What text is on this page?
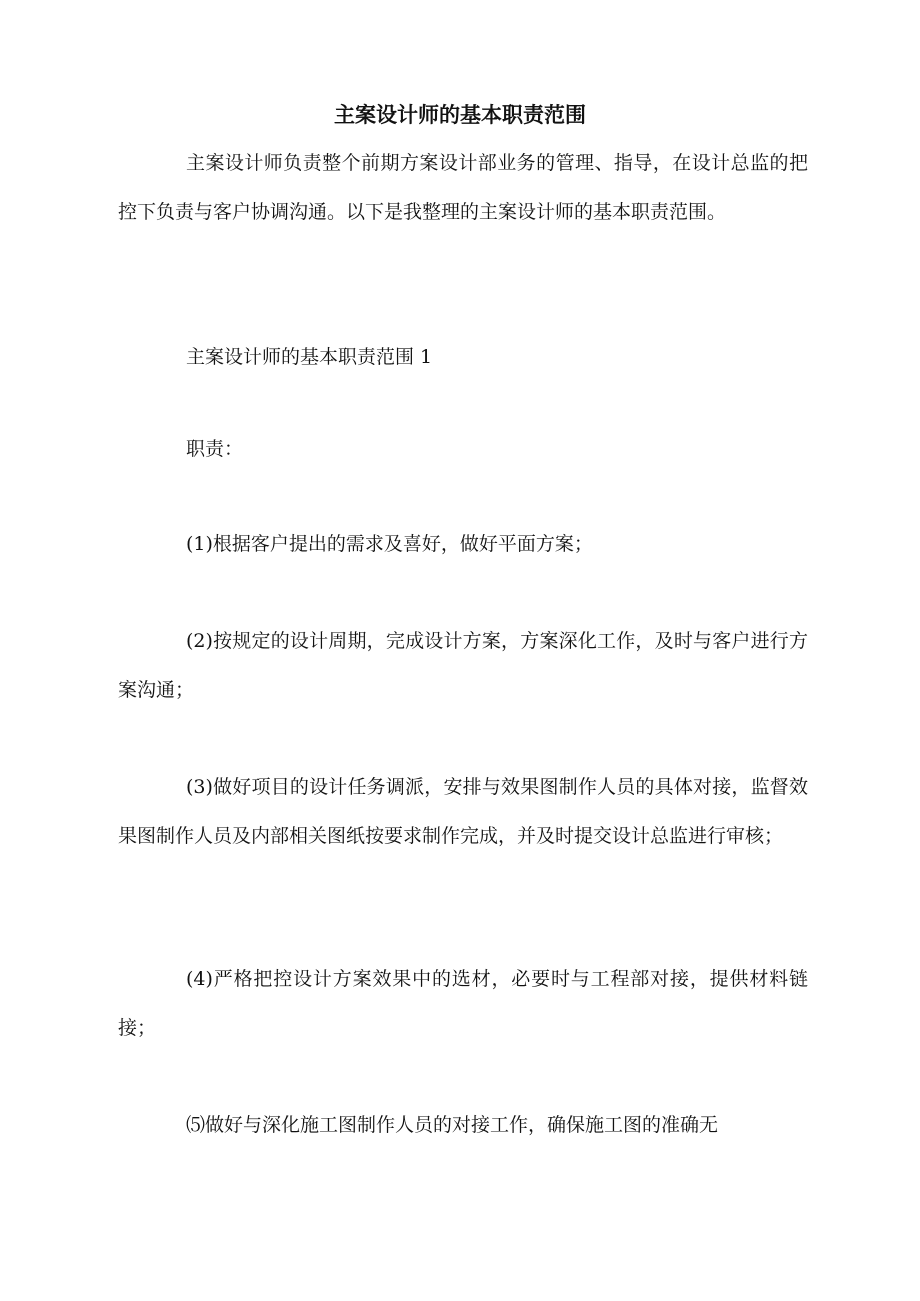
主案设计师的基本职责范围

主案设计师负责整个前期方案设计部业务的管理、指导，在设计总监的把控下负责与客户协调沟通。以下是我整理的主案设计师的基本职责范围。

主案设计师的基本职责范围 1

职责：

(1)根据客户提出的需求及喜好，做好平面方案；

(2)按规定的设计周期，完成设计方案，方案深化工作，及时与客户进行方案沟通；

(3)做好项目的设计任务调派，安排与效果图制作人员的具体对接，监督效果图制作人员及内部相关图纸按要求制作完成，并及时提交设计总监进行审核；

(4)严格把控设计方案效果中的选材，必要时与工程部对接，提供材料链接；

⑸做好与深化施工图制作人员的对接工作，确保施工图的准确无
